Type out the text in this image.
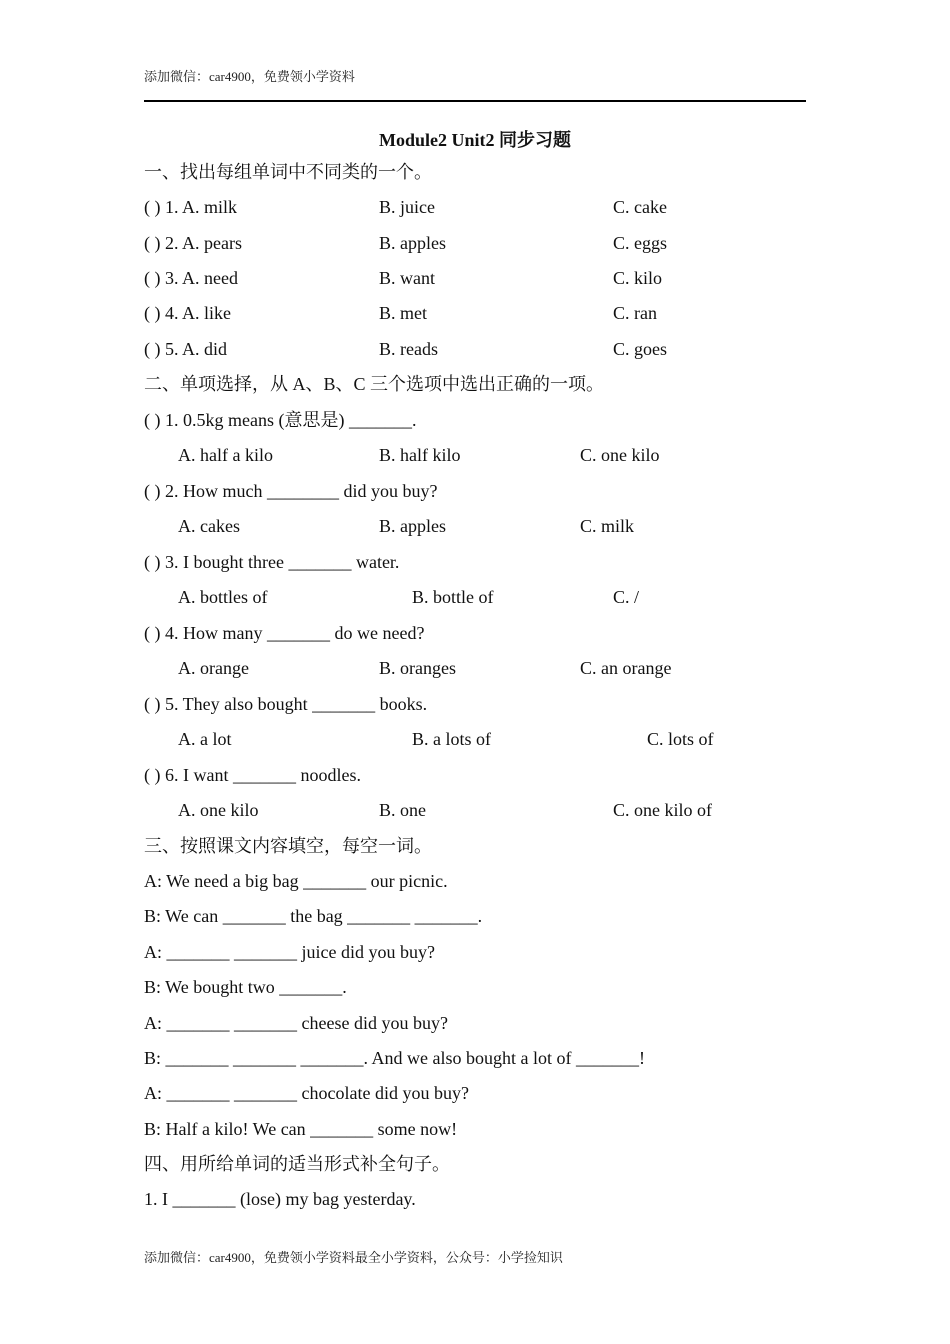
添加微信：car4900，免费领小学资料
Module2 Unit2 同步习题
一、找出每组单词中不同类的一个。
( ) 1. A. milk	B. juice	C. cake
( ) 2. A. pears	B. apples	C. eggs
( ) 3. A. need	B. want	C. kilo
( ) 4. A. like	B. met	C. ran
( ) 5. A. did	B. reads	C. goes
二、单项选择，从 A、B、C 三个选项中选出正确的一项。
( ) 1. 0.5kg means (意思是) _______.
A. half a kilo	B. half kilo	C. one kilo
( ) 2. How much ________ did you buy?
A. cakes	B. apples	C. milk
( ) 3. I bought three _______ water.
A. bottles of	B. bottle of	C. /
( ) 4. How many _______ do we need?
A. orange	B. oranges	C. an orange
( ) 5. They also bought _______ books.
A. a lot	B. a lots of	C. lots of
( ) 6. I want _______ noodles.
A. one kilo	B. one	C. one kilo of
三、按照课文内容填空，每空一词。
A: We need a big bag _______ our picnic.
B: We can _______ the bag _______ _______.
A: _______ _______ juice did you buy?
B: We bought two _______.
A: _______ _______ cheese did you buy?
B: _______ _______ _______. And we also bought a lot of _______!
A: _______ _______ chocolate did you buy?
B: Half a kilo! We can _______ some now!
四、用所给单词的适当形式补全句子。
1. I _______ (lose) my bag yesterday.
添加微信：car4900，免费领小学资料最全小学资料，公众号：小学捡知识
